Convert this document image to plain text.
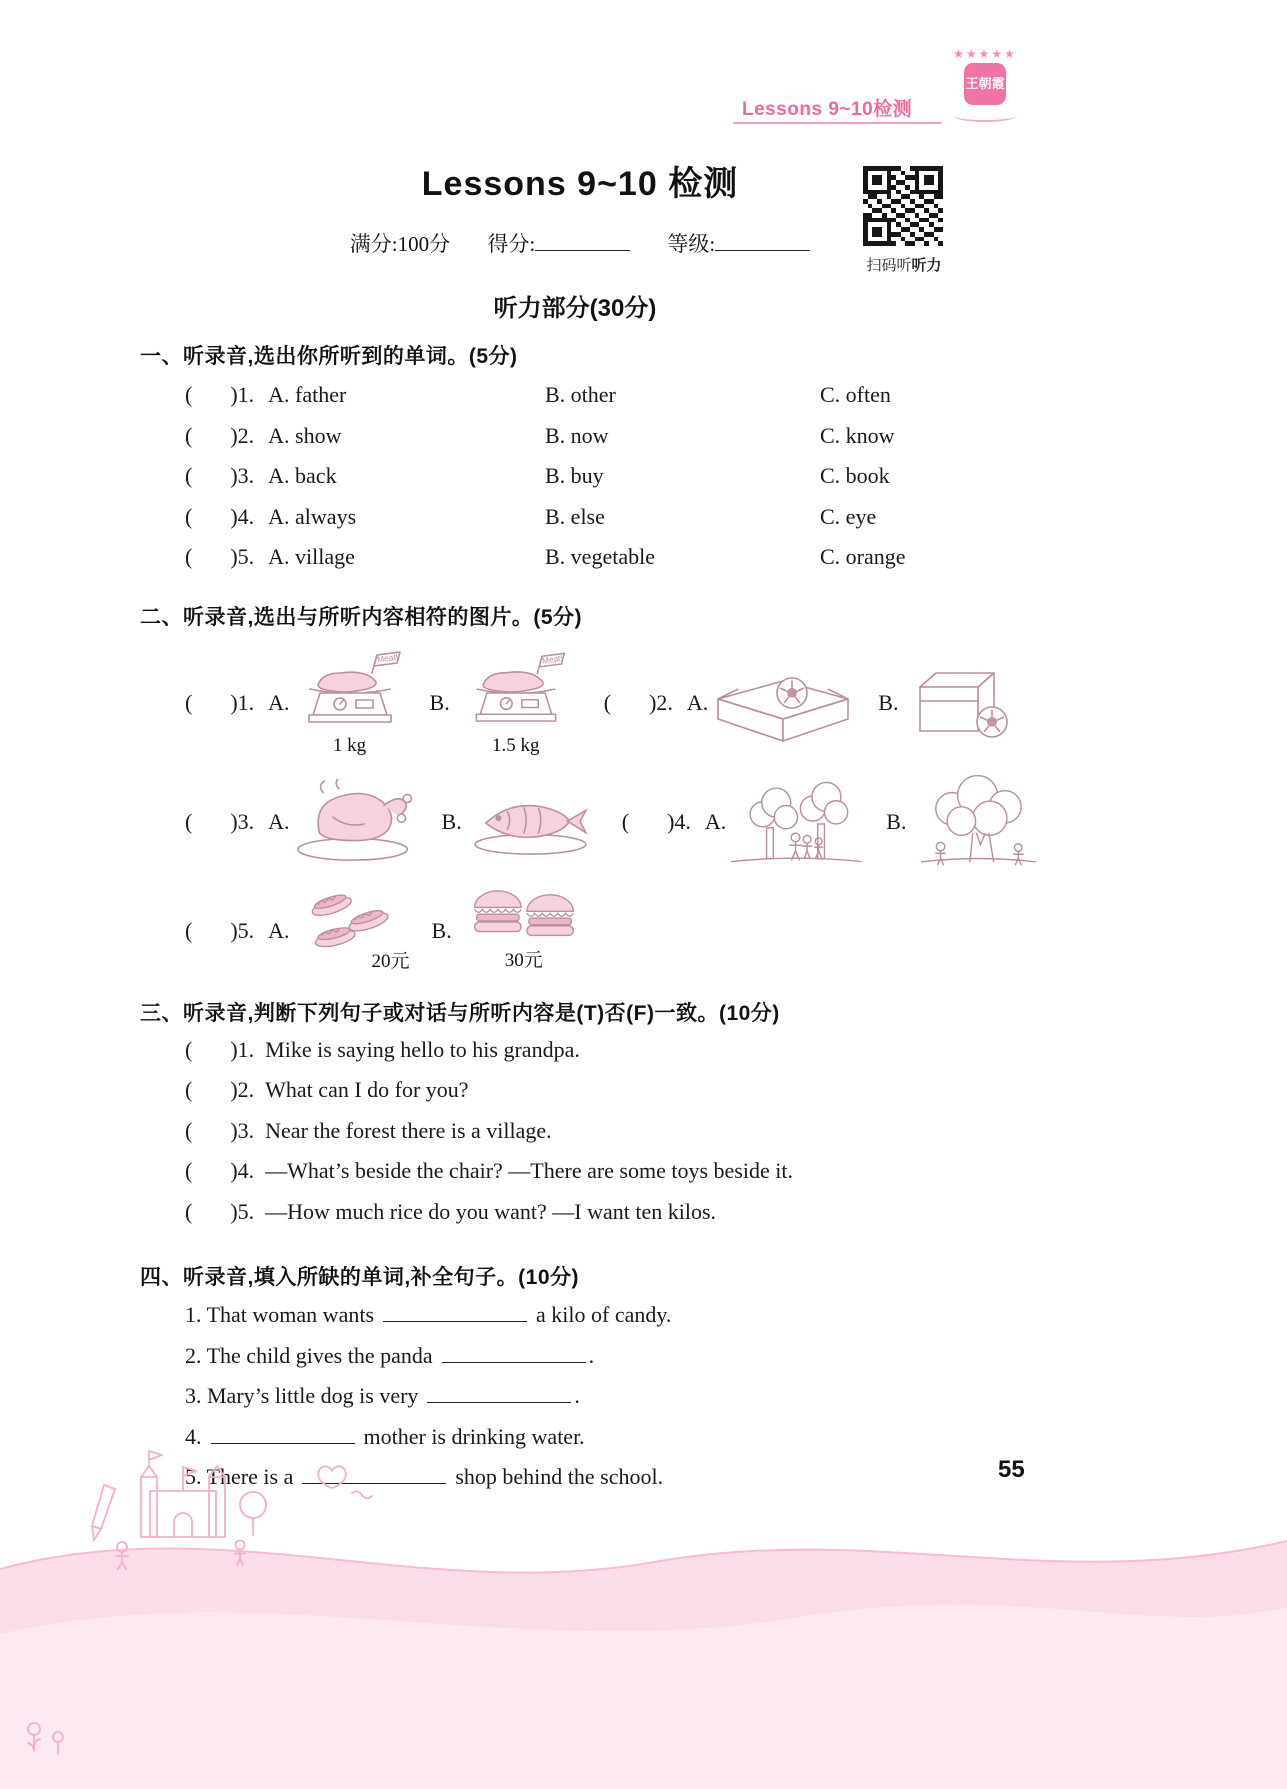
Lessons 9~10检测
★★★★★
王朝霞
Lessons 9~10 检测
满分:100分 得分:	等级:
扫码听听力
听力部分(30分)
一、听录音,选出你所听到的单词。(5分)
( )1. A. father	B. other	C. often
( )2. A. show	B. now	C. know
( )3. A. back	B. buy	C. book
( )4. A. always	B. else	C. eye
( )5. A. village	B. vegetable	C. orange
二、听录音,选出与所听内容相符的图片。(5分)
( )1. A.
Meat!
1 kg
B.
Meat!
1.5 kg
( )2. A.	B.
( )3. A.	B.	( )4. A.	B.
( )5. A.
20元
B.
30元
三、听录音,判断下列句子或对话与所听内容是(T)否(F)一致。(10分)
( ) 1. Mike is saying hello to his grandpa.
( ) 2. What can I do for you?
( ) 3. Near the forest there is a village.
( ) 4. —What’s beside the chair? —There are some toys beside it.
( ) 5. —How much rice do you want? —I want ten kilos.
四、听录音,填入所缺的单词,补全句子。(10分)
1. That woman wants	a kilo of candy.
2. The child gives the panda	.
3. Mary’s little dog is very	.
4.	mother is drinking water.
5. There is a	shop behind the school.	55
